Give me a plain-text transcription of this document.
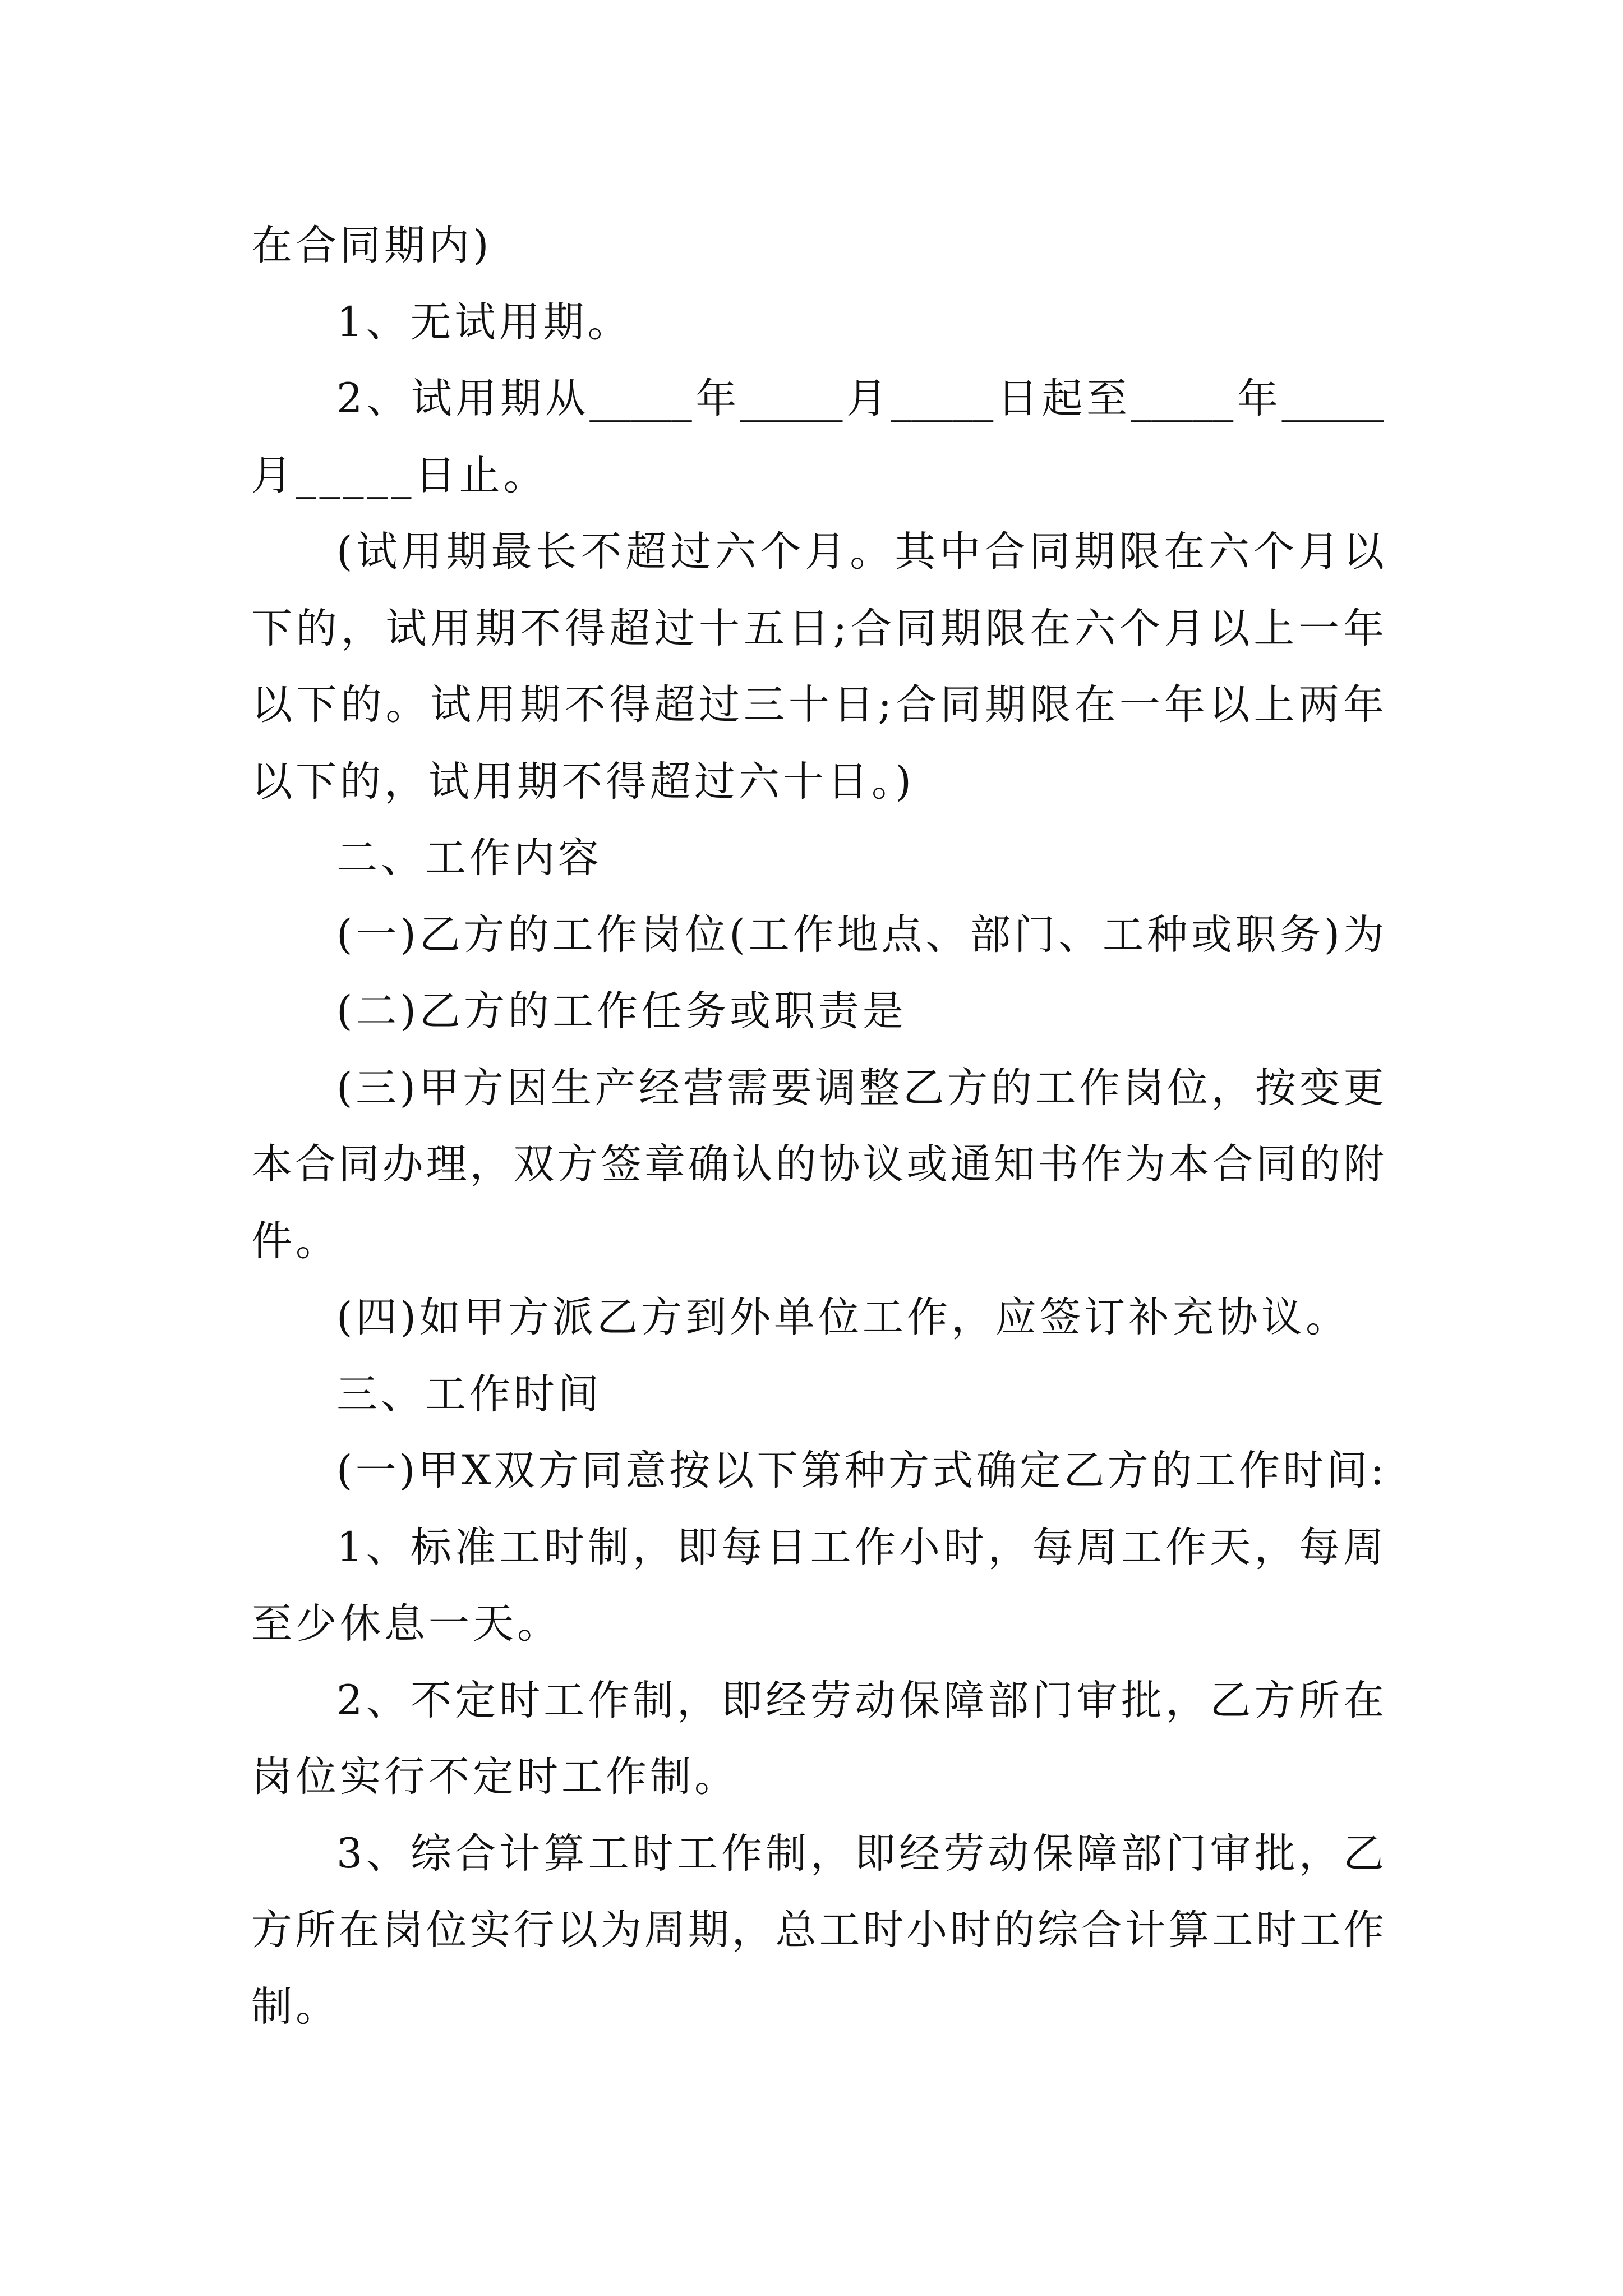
在合同期内)
1、无试用期。
2、试用期从_____年_____月_____日起至_____年_____
月_____日止。
(试用期最长不超过六个月。其中合同期限在六个月以
下的，试用期不得超过十五日;合同期限在六个月以上一年
以下的。试用期不得超过三十日;合同期限在一年以上两年
以下的，试用期不得超过六十日。)
二、工作内容
(一)乙方的工作岗位(工作地点、部门、工种或职务)为
(二)乙方的工作任务或职责是
(三)甲方因生产经营需要调整乙方的工作岗位，按变更
本合同办理，双方签章确认的协议或通知书作为本合同的附
件。
(四)如甲方派乙方到外单位工作，应签订补充协议。
三、工作时间
(一)甲X双方同意按以下第种方式确定乙方的工作时间:
1、标准工时制，即每日工作小时，每周工作天，每周
至少休息一天。
2、不定时工作制，即经劳动保障部门审批，乙方所在
岗位实行不定时工作制。
3、综合计算工时工作制，即经劳动保障部门审批，乙
方所在岗位实行以为周期，总工时小时的综合计算工时工作
制。
